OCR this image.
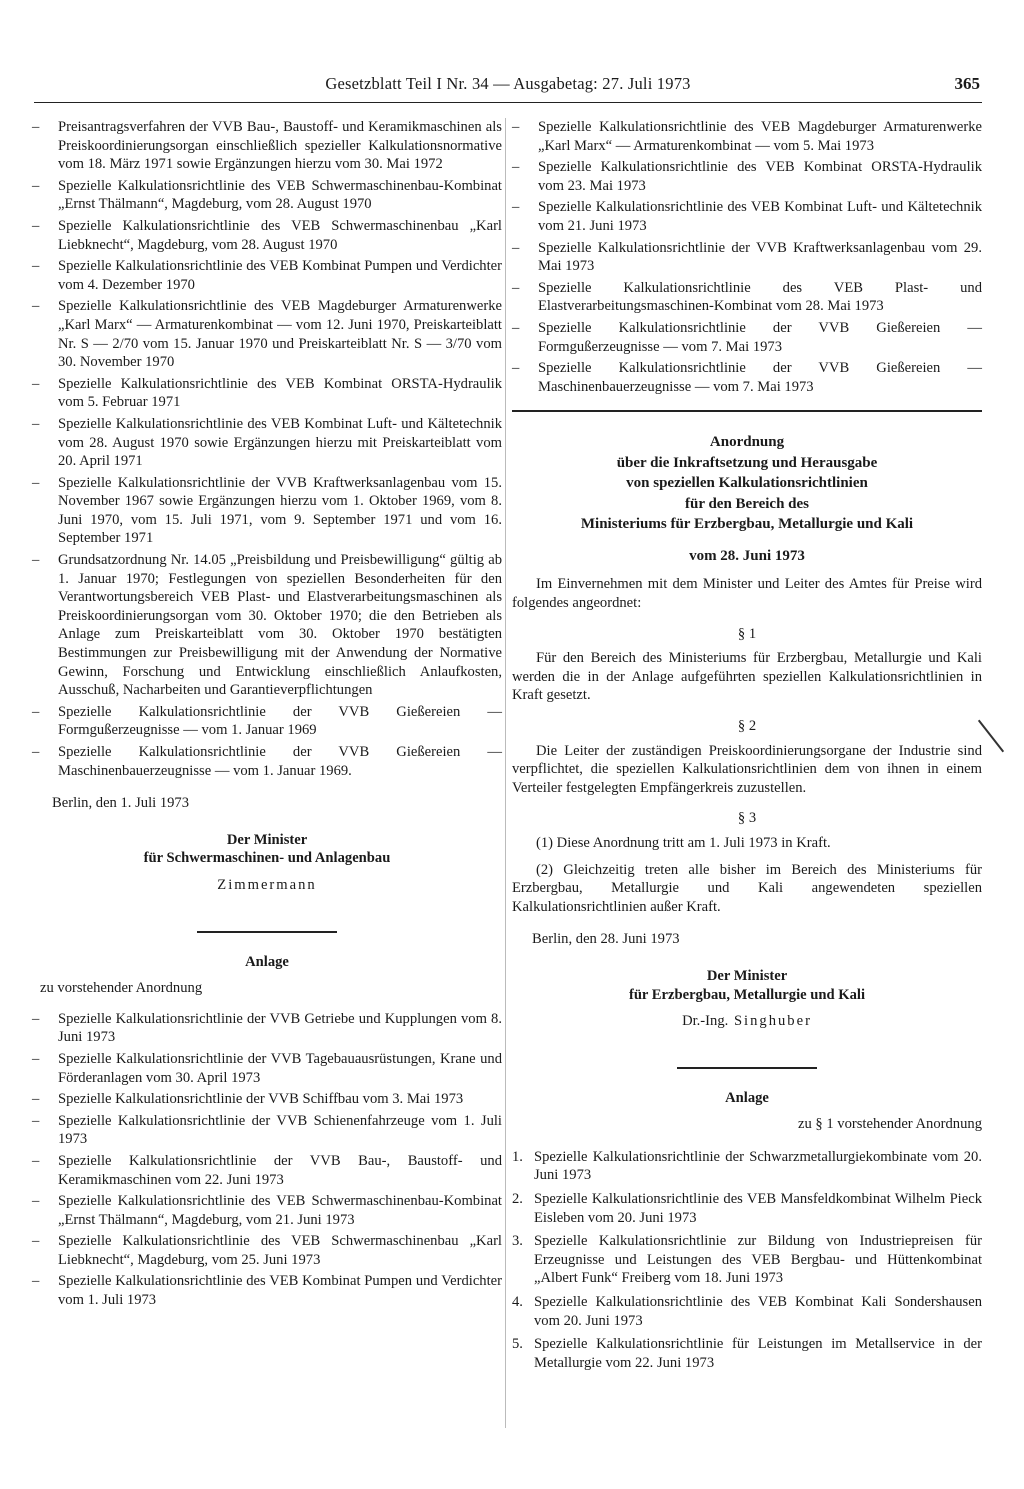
Gesetzblatt Teil I Nr. 34 — Ausgabetag: 27. Juli 1973	365
– Preisantragsverfahren der VVB Bau-, Baustoff- und Keramikmaschinen als Preiskoordinierungsorgan einschließlich spezieller Kalkulationsnormative vom 18. März 1971 sowie Ergänzungen hierzu vom 30. Mai 1972
– Spezielle Kalkulationsrichtlinie des VEB Schwermaschinenbau-Kombinat „Ernst Thälmann“, Magdeburg, vom 28. August 1970
– Spezielle Kalkulationsrichtlinie des VEB Schwermaschinenbau „Karl Liebknecht“, Magdeburg, vom 28. August 1970
– Spezielle Kalkulationsrichtlinie des VEB Kombinat Pumpen und Verdichter vom 4. Dezember 1970
– Spezielle Kalkulationsrichtlinie des VEB Magdeburger Armaturenwerke „Karl Marx“ — Armaturenkombinat — vom 12. Juni 1970, Preiskarteiblatt Nr. S — 2/70 vom 15. Januar 1970 und Preiskarteiblatt Nr. S — 3/70 vom 30. November 1970
– Spezielle Kalkulationsrichtlinie des VEB Kombinat ORSTA-Hydraulik vom 5. Februar 1971
– Spezielle Kalkulationsrichtlinie des VEB Kombinat Luft- und Kältetechnik vom 28. August 1970 sowie Ergänzungen hierzu mit Preiskarteiblatt vom 20. April 1971
– Spezielle Kalkulationsrichtlinie der VVB Kraftwerksanlagenbau vom 15. November 1967 sowie Ergänzungen hierzu vom 1. Oktober 1969, vom 8. Juni 1970, vom 15. Juli 1971, vom 9. September 1971 und vom 16. September 1971
– Grundsatzordnung Nr. 14.05 „Preisbildung und Preisbewilligung“ gültig ab 1. Januar 1970; Festlegungen von speziellen Besonderheiten für den Verantwortungsbereich VEB Plast- und Elastverarbeitungsmaschinen als Preiskoordinierungsorgan vom 30. Oktober 1970; die den Betrieben als Anlage zum Preiskarteiblatt vom 30. Oktober 1970 bestätigten Bestimmungen zur Preisbewilligung mit der Anwendung der Normative Gewinn, Forschung und Entwicklung einschließlich Anlaufkosten, Ausschuß, Nacharbeiten und Garantieverpflichtungen
– Spezielle Kalkulationsrichtlinie der VVB Gießereien — Formgußerzeugnisse — vom 1. Januar 1969
– Spezielle Kalkulationsrichtlinie der VVB Gießereien — Maschinenbauerzeugnisse — vom 1. Januar 1969.
Berlin, den 1. Juli 1973
Der Minister
für Schwermaschinen- und Anlagenbau
Zimmermann
Anlage
zu vorstehender Anordnung
– Spezielle Kalkulationsrichtlinie der VVB Getriebe und Kupplungen vom 8. Juni 1973
– Spezielle Kalkulationsrichtlinie der VVB Tagebauausrüstungen, Krane und Förderanlagen vom 30. April 1973
– Spezielle Kalkulationsrichtlinie der VVB Schiffbau vom 3. Mai 1973
– Spezielle Kalkulationsrichtlinie der VVB Schienenfahrzeuge vom 1. Juli 1973
– Spezielle Kalkulationsrichtlinie der VVB Bau-, Baustoff- und Keramikmaschinen vom 22. Juni 1973
– Spezielle Kalkulationsrichtlinie des VEB Schwermaschinenbau-Kombinat „Ernst Thälmann“, Magdeburg, vom 21. Juni 1973
– Spezielle Kalkulationsrichtlinie des VEB Schwermaschinenbau „Karl Liebknecht“, Magdeburg, vom 25. Juni 1973
– Spezielle Kalkulationsrichtlinie des VEB Kombinat Pumpen und Verdichter vom 1. Juli 1973
– Spezielle Kalkulationsrichtlinie des VEB Magdeburger Armaturenwerke „Karl Marx“ — Armaturenkombinat — vom 5. Mai 1973
– Spezielle Kalkulationsrichtlinie des VEB Kombinat ORSTA-Hydraulik vom 23. Mai 1973
– Spezielle Kalkulationsrichtlinie des VEB Kombinat Luft- und Kältetechnik vom 21. Juni 1973
– Spezielle Kalkulationsrichtlinie der VVB Kraftwerksanlagenbau vom 29. Mai 1973
– Spezielle Kalkulationsrichtlinie des VEB Plast- und Elastverarbeitungsmaschinen-Kombinat vom 28. Mai 1973
– Spezielle Kalkulationsrichtlinie der VVB Gießereien — Formgußerzeugnisse — vom 7. Mai 1973
– Spezielle Kalkulationsrichtlinie der VVB Gießereien — Maschinenbauerzeugnisse — vom 7. Mai 1973
Anordnung
über die Inkraftsetzung und Herausgabe
von speziellen Kalkulationsrichtlinien
für den Bereich des
Ministeriums für Erzbergbau, Metallurgie und Kali
vom 28. Juni 1973
Im Einvernehmen mit dem Minister und Leiter des Amtes für Preise wird folgendes angeordnet:
§ 1
Für den Bereich des Ministeriums für Erzbergbau, Metallurgie und Kali werden die in der Anlage aufgeführten speziellen Kalkulationsrichtlinien in Kraft gesetzt.
§ 2
Die Leiter der zuständigen Preiskoordinierungsorgane der Industrie sind verpflichtet, die speziellen Kalkulationsrichtlinien dem von ihnen in einem Verteiler festgelegten Empfängerkreis zuzustellen.
§ 3
(1) Diese Anordnung tritt am 1. Juli 1973 in Kraft.
(2) Gleichzeitig treten alle bisher im Bereich des Ministeriums für Erzbergbau, Metallurgie und Kali angewendeten speziellen Kalkulationsrichtlinien außer Kraft.
Berlin, den 28. Juni 1973
Der Minister
für Erzbergbau, Metallurgie und Kali
Dr.-Ing. Singhuber
Anlage
zu § 1 vorstehender Anordnung
1. Spezielle Kalkulationsrichtlinie der Schwarzmetallurgiekombinate vom 20. Juni 1973
2. Spezielle Kalkulationsrichtlinie des VEB Mansfeldkombinat Wilhelm Pieck Eisleben vom 20. Juni 1973
3. Spezielle Kalkulationsrichtlinie zur Bildung von Industriepreisen für Erzeugnisse und Leistungen des VEB Bergbau- und Hüttenkombinat „Albert Funk“ Freiberg vom 18. Juni 1973
4. Spezielle Kalkulationsrichtlinie des VEB Kombinat Kali Sondershausen vom 20. Juni 1973
5. Spezielle Kalkulationsrichtlinie für Leistungen im Metallservice in der Metallurgie vom 22. Juni 1973
